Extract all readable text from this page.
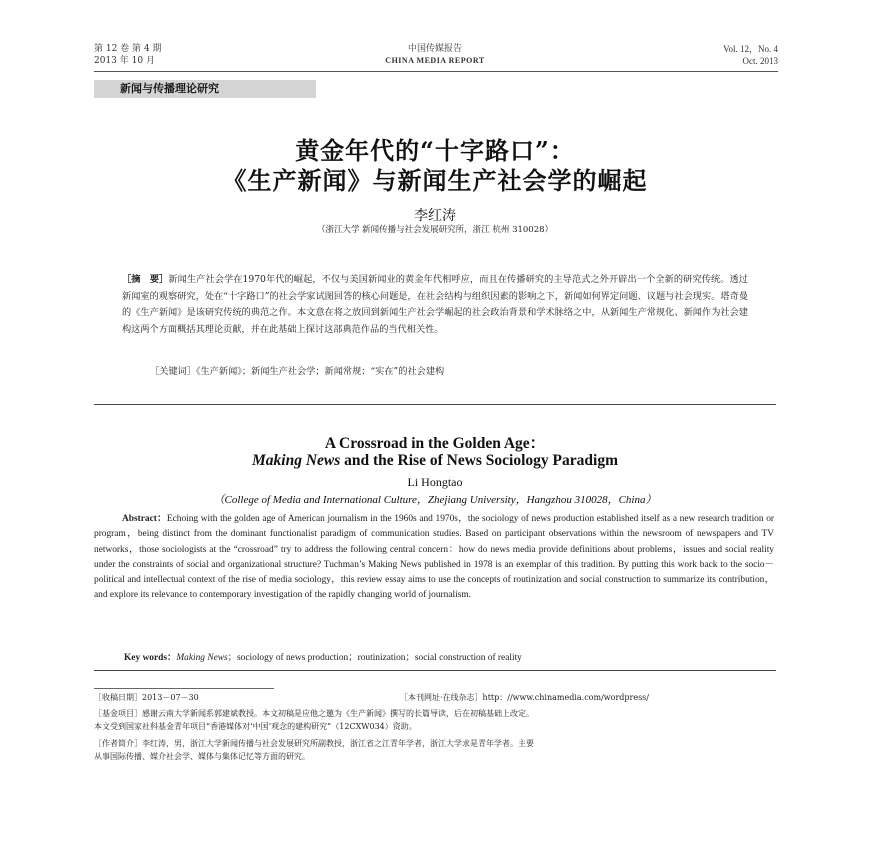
第 12 卷 第 4 期
2013 年 10 月
中国传媒报告
CHINA MEDIA REPORT
Vol. 12，No. 4
Oct. 2013
新闻与传播理论研究
黄金年代的“十字路口”：
《生产新闻》与新闻生产社会学的崛起
李红涛
（浙江大学 新闻传播与社会发展研究所，浙江 杭州 310028）
［摘　要］新闻生产社会学在1970年代的崛起，不仅与美国新闻业的黄金年代相呼应，而且在传播研究的主导范式之外开辟出一个全新的研究传统。透过新闻室的观察研究，处在“十字路口”的社会学家试图回答的核心问题是，在社会结构与组织因素的影响之下，新闻如何界定问题、议题与社会现实。塔奇曼的《生产新闻》是该研究传统的典范之作。本文意在将之放回到新闻生产社会学崛起的社会政治背景和学术脉络之中，从新闻生产常规化、新闻作为社会建构这两个方面概括其理论贡献，并在此基础上探讨这部典范作品的当代相关性。
［关键词］《生产新闻》；新闻生产社会学；新闻常规；“实在”的社会建构
A Crossroad in the Golden Age：
Making News and the Rise of News Sociology Paradigm
Li Hongtao
（College of Media and International Culture，Zhejiang University，Hangzhou 310028，China）
Abstract：Echoing with the golden age of American journalism in the 1960s and 1970s，the sociology of news production established itself as a new research tradition or program，being distinct from the dominant functionalist paradigm of communication studies. Based on participant observations within the newsroom of newspapers and TV networks，those sociologists at the “crossroad” try to address the following central concern：how do news media provide definitions about problems，issues and social reality under the constraints of social and organizational structure? Tuchman’s Making News published in 1978 is an exemplar of this tradition. By putting this work back to the socio－political and intellectual context of the rise of media sociology，this review essay aims to use the concepts of routinization and social construction to summarize its contribution，and explore its relevance to contemporary investigation of the rapidly changing world of journalism.
Key words：Making News；sociology of news production；routinization；social construction of reality
［收稿日期］2013－07－30	［本刊网址·在线杂志］http：//www.chinamedia.com/wordpress/
［基金项目］感谢云南大学新闻系郭建斌教授。本文初稿是应他之邀为《生产新闻》撰写的长篇导读，后在初稿基础上改定。
本文受到国家社科基金青年项目“香港媒体对‘中国’观念的建构研究”（12CXW034）资助。
［作者简介］李红涛，男，浙江大学新闻传播与社会发展研究所副教授，浙江省之江青年学者，浙江大学求是青年学者。主要
从事国际传播、媒介社会学、媒体与集体记忆等方面的研究。
